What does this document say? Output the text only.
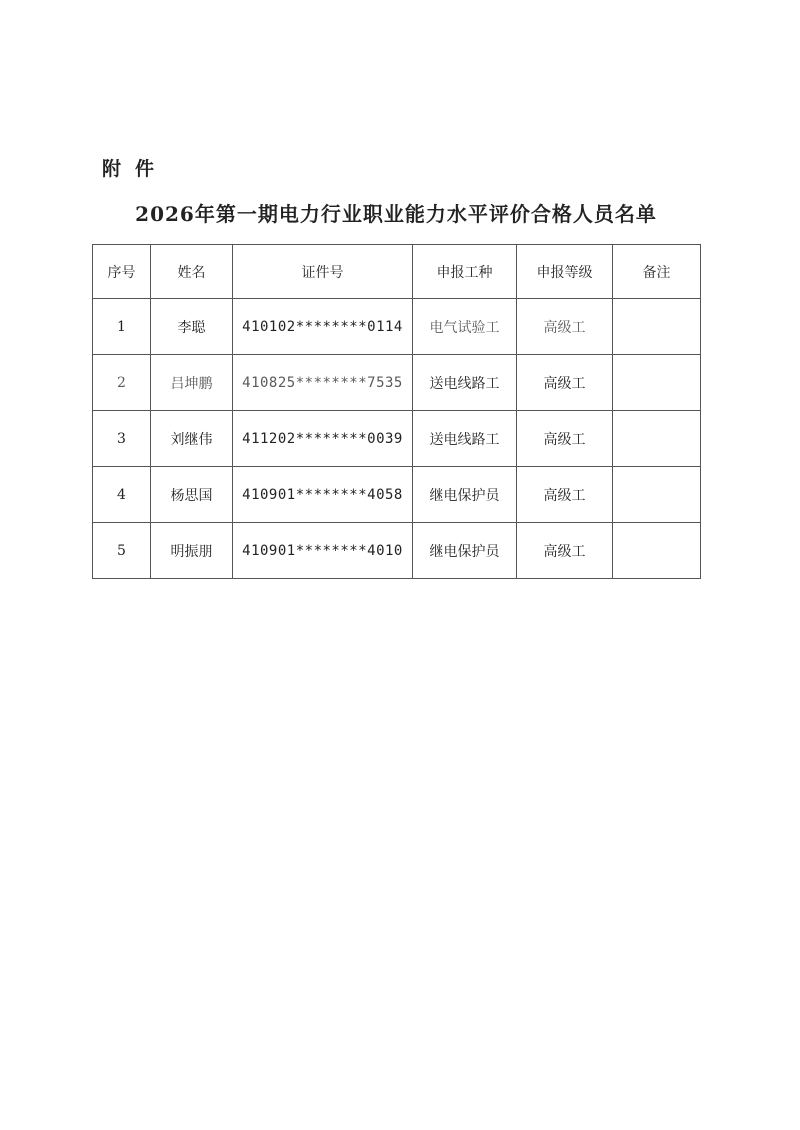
附件
2026年第一期电力行业职业能力水平评价合格人员名单
序号	姓名	证件号	申报工种	申报等级	备注
1	李聪	410102********0114	电气试验工	高级工	
2	吕坤鹏	410825********7535	送电线路工	高级工	
3	刘继伟	411202********0039	送电线路工	高级工	
4	杨思国	410901********4058	继电保护员	高级工	
5	明振朋	410901********4010	继电保护员	高级工	
